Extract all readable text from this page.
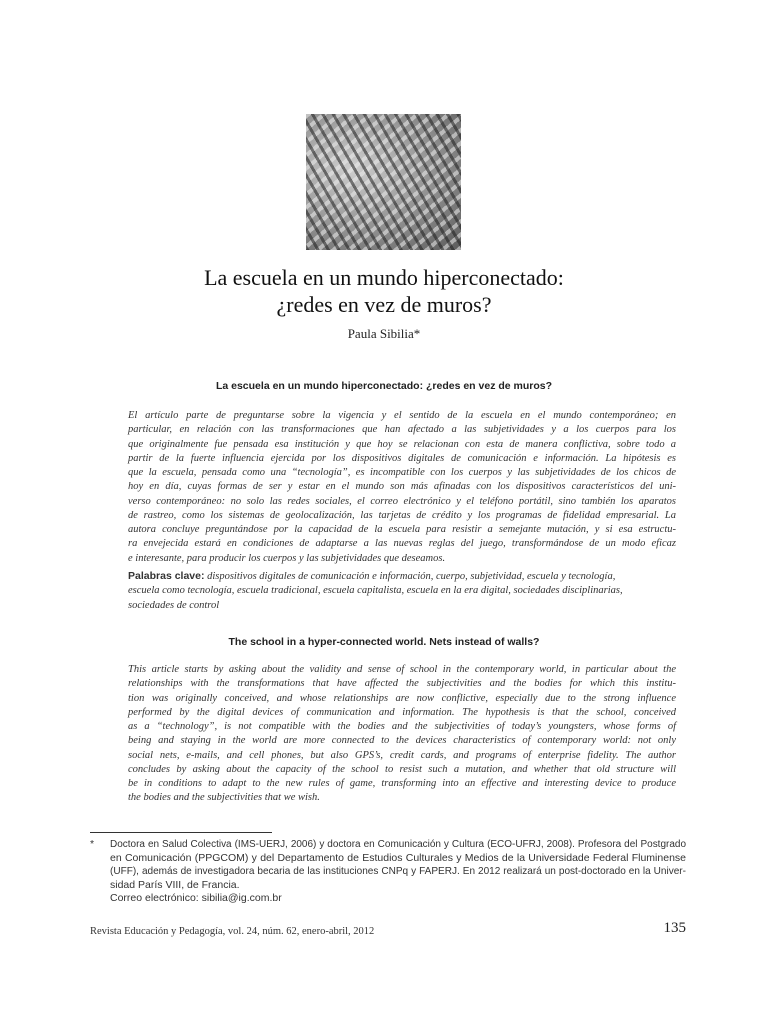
La escuela en un mundo hiperconectado:
¿redes en vez de muros?
Paula Sibilia*
La escuela en un mundo hiperconectado: ¿redes en vez de muros?
El artículo parte de preguntarse sobre la vigencia y el sentido de la escuela en el mundo contemporáneo; en
particular, en relación con las transformaciones que han afectado a las subjetividades y a los cuerpos para los
que originalmente fue pensada esa institución y que hoy se relacionan con esta de manera conflictiva, sobre todo a
partir de la fuerte influencia ejercida por los dispositivos digitales de comunicación e información. La hipótesis es
que la escuela, pensada como una “tecnología”, es incompatible con los cuerpos y las subjetividades de los chicos de
hoy en día, cuyas formas de ser y estar en el mundo son más afinadas con los dispositivos característicos del uni-
verso contemporáneo: no solo las redes sociales, el correo electrónico y el teléfono portátil, sino también los aparatos
de rastreo, como los sistemas de geolocalización, las tarjetas de crédito y los programas de fidelidad empresarial. La
autora concluye preguntándose por la capacidad de la escuela para resistir a semejante mutación, y si esa estructu-
ra envejecida estará en condiciones de adaptarse a las nuevas reglas del juego, transformándose de un modo eficaz
e interesante, para producir los cuerpos y las subjetividades que deseamos.
Palabras clave: dispositivos digitales de comunicación e información, cuerpo, subjetividad, escuela y tecnología,
escuela como tecnología, escuela tradicional, escuela capitalista, escuela en la era digital, sociedades disciplinarias,
sociedades de control
The school in a hyper-connected world. Nets instead of walls?
This article starts by asking about the validity and sense of school in the contemporary world, in particular about the
relationships with the transformations that have affected the subjectivities and the bodies for which this institu-
tion was originally conceived, and whose relationships are now conflictive, especially due to the strong influence
performed by the digital devices of communication and information. The hypothesis is that the school, conceived
as a “technology”, is not compatible with the bodies and the subjectivities of today’s youngsters, whose forms of
being and staying in the world are more connected to the devices characteristics of contemporary world: not only
social nets, e-mails, and cell phones, but also GPS’s, credit cards, and programs of enterprise fidelity. The author
concludes by asking about the capacity of the school to resist such a mutation, and whether that old structure will
be in conditions to adapt to the new rules of game, transforming into an effective and interesting device to produce
the bodies and the subjectivities that we wish.
* Doctora en Salud Colectiva (IMS-UERJ, 2006) y doctora en Comunicación y Cultura (ECO-UFRJ, 2008). Profesora del Postgrado
en Comunicación (PPGCOM) y del Departamento de Estudios Culturales y Medios de la Universidade Federal Fluminense
(UFF), además de investigadora becaria de las instituciones CNPq y FAPERJ. En 2012 realizará un post-doctorado en la Univer-
sidad París VIII, de Francia.
Correo electrónico: sibilia@ig.com.br
Revista Educación y Pedagogía, vol. 24, núm. 62, enero-abril, 2012	135
